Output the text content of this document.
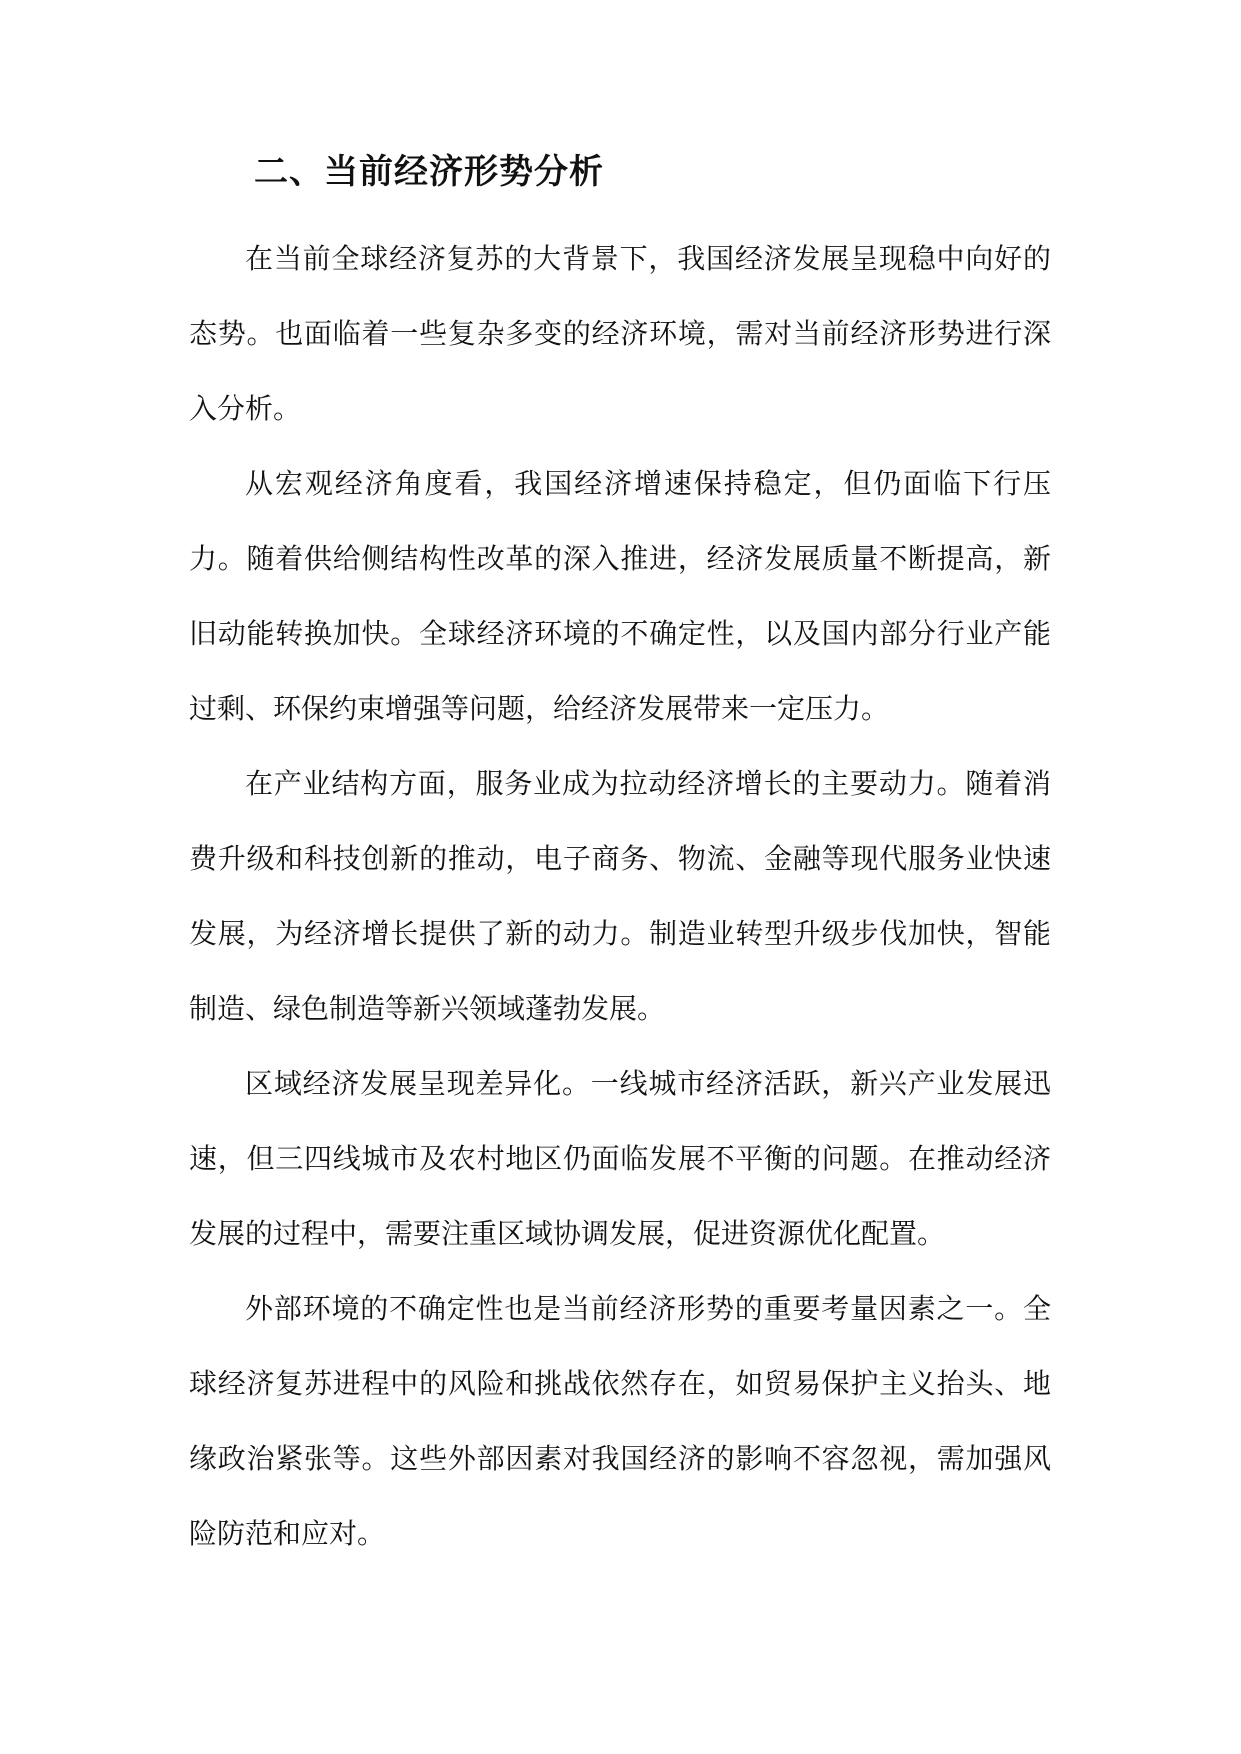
二、当前经济形势分析

在当前全球经济复苏的大背景下，我国经济发展呈现稳中向好的态势。也面临着一些复杂多变的经济环境，需对当前经济形势进行深入分析。

从宏观经济角度看，我国经济增速保持稳定，但仍面临下行压力。随着供给侧结构性改革的深入推进，经济发展质量不断提高，新旧动能转换加快。全球经济环境的不确定性，以及国内部分行业产能过剩、环保约束增强等问题，给经济发展带来一定压力。

在产业结构方面，服务业成为拉动经济增长的主要动力。随着消费升级和科技创新的推动，电子商务、物流、金融等现代服务业快速发展，为经济增长提供了新的动力。制造业转型升级步伐加快，智能制造、绿色制造等新兴领域蓬勃发展。

区域经济发展呈现差异化。一线城市经济活跃，新兴产业发展迅速，但三四线城市及农村地区仍面临发展不平衡的问题。在推动经济发展的过程中，需要注重区域协调发展，促进资源优化配置。

外部环境的不确定性也是当前经济形势的重要考量因素之一。全球经济复苏进程中的风险和挑战依然存在，如贸易保护主义抬头、地缘政治紧张等。这些外部因素对我国经济的影响不容忽视，需加强风险防范和应对。
